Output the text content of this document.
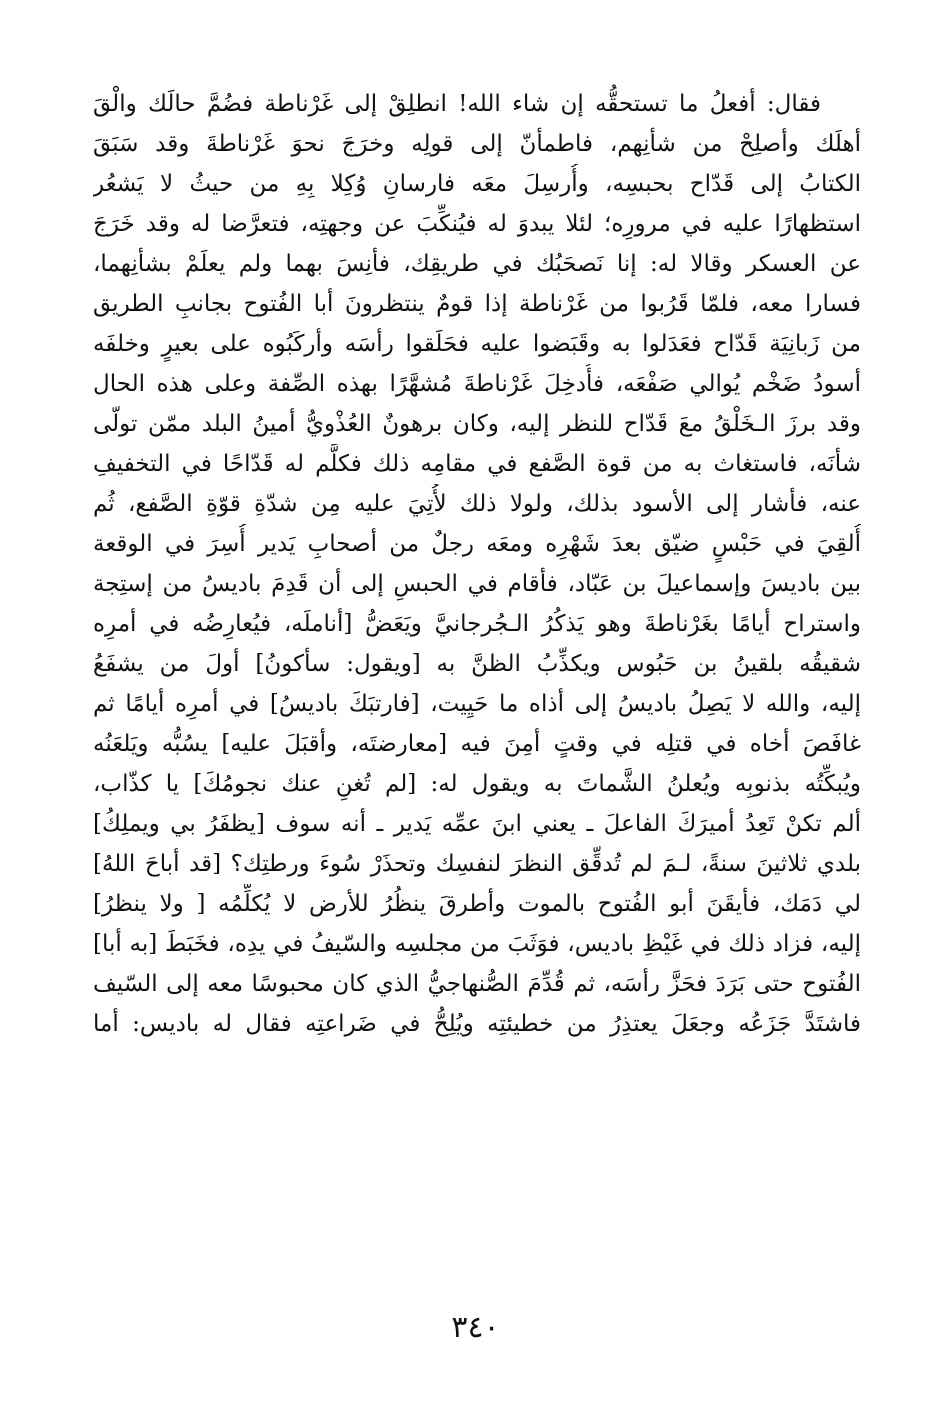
فقال: أفعلُ ما تستحقُّه إن شاء الله! انطلِقْ إلى غَرْناطة فضُمَّ حالَك والْقَ
أهلَك وأصلِحْ من شأنِهم، فاطمأنّ إلى قولِه وخرَجَ نحوَ غَرْناطةَ وقد سَبَقَ
الكتابُ إلى قَدّاح بحبسِه، وأُرسِلَ معَه فارسانِ وُكِلا بِهِ من حيثُ لا يَشعُر
استظهارًا عليه في مرورِه؛ لئلا يبدوَ له فيُنكِّبَ عن وجهتِه، فتعرَّضا له وقد خَرَجَ
عن العسكر وقالا له: إنا نَصحَبُك في طريقِك، فأنِسَ بهما ولم يعلَمْ بشأنِهما،
فسارا معه، فلمّا قَرُبوا من غَرْناطة إذا قومٌ ينتظرونَ أبا الفُتوح بجانبِ الطريق
من زَبانِيَة قَدّاح فعَدَلوا به وقَبَضوا عليه فحَلَقوا رأسَه وأركَبُوه على بعيرٍ وخلفَه
أسودُ ضَخْم يُوالي صَفْعَه، فأُدخِلَ غَرْناطةَ مُشهَّرًا بهذه الصِّفة وعلى هذه الحال
وقد برزَ الـخَلْقُ معَ قَدّاح للنظر إليه، وكان برهونٌ العُذْويُّ أمينُ البلد ممّن تولّى
شأنَه، فاستغاث به من قوة الصَّفع في مقامِه ذلك فكلَّم له قَدّاحًا في التخفيفِ
عنه، فأشار إلى الأسود بذلك، ولولا ذلك لأُتِيَ عليه مِن شدّةِ قوّةِ الصَّفع، ثُم
أُلقِيَ في حَبْسٍ ضيّق بعدَ شَهْرِه ومعَه رجلٌ من أصحابِ يَدير أُسِرَ في الوقعة
بين باديسَ وإسماعيلَ بن عَبّاد، فأقام في الحبسِ إلى أن قَدِمَ باديسُ من إستِجة
واستراح أيامًا بغَرْناطةَ وهو يَذكُرُ الـجُرجانيَّ ويَعَضُّ [أناملَه، فيُعارِضُه في أمرِه
شقيقُه بلقينُ بن حَبُوس ويكذِّبُ الظنَّ به [ويقول: سأكونُ] أولَ من يشفَعُ
إليه، والله لا يَصِلُ باديسُ إلى أذاه ما حَيِيت، [فارتبَكَ باديسُ] في أمرِه أيامًا ثم
غافَصَ أخاه في قتلِه في وقتٍ أمِنَ فيه [معارضتَه، وأقبَلَ عليه] يسُبُّه ويَلعَنُه
ويُبكِّتُه بذنوبِه ويُعلنُ الشَّماتَ به ويقول له: [لم تُغنِ عنك نجومُكَ] يا كذّاب،
ألم تكنْ تَعِدُ أميرَكَ الفاعلَ ـ يعني ابنَ عمِّه يَدير ـ أنه سوف [يظفَرُ بي ويملِكُ]
بلدي ثلاثينَ سنةً، لـمَ لم تُدقِّق النظرَ لنفسِك وتحذَرْ سُوءَ ورطتِك؟ [قد أباحَ اللهُ]
لي دَمَك، فأيقَنَ أبو الفُتوح بالموت وأطرقَ ينظُرُ للأرض لا يُكلِّمُه [ ولا ينظرُ]
إليه، فزاد ذلك في غَيْظِ باديس، فوَثَبَ من مجلسِه والسّيفُ في يدِه، فخَبَطَ [به أبا]
الفُتوح حتى بَرَدَ فحَزَّ رأسَه، ثم قُدِّمَ الصُّنهاجيُّ الذي كان محبوسًا معه إلى السّيف
فاشتَدَّ جَزَعُه وجعَلَ يعتذِرُ من خطيئتِه ويُلِحُّ في ضَراعتِه فقال له باديس: أما
٣٤٠
